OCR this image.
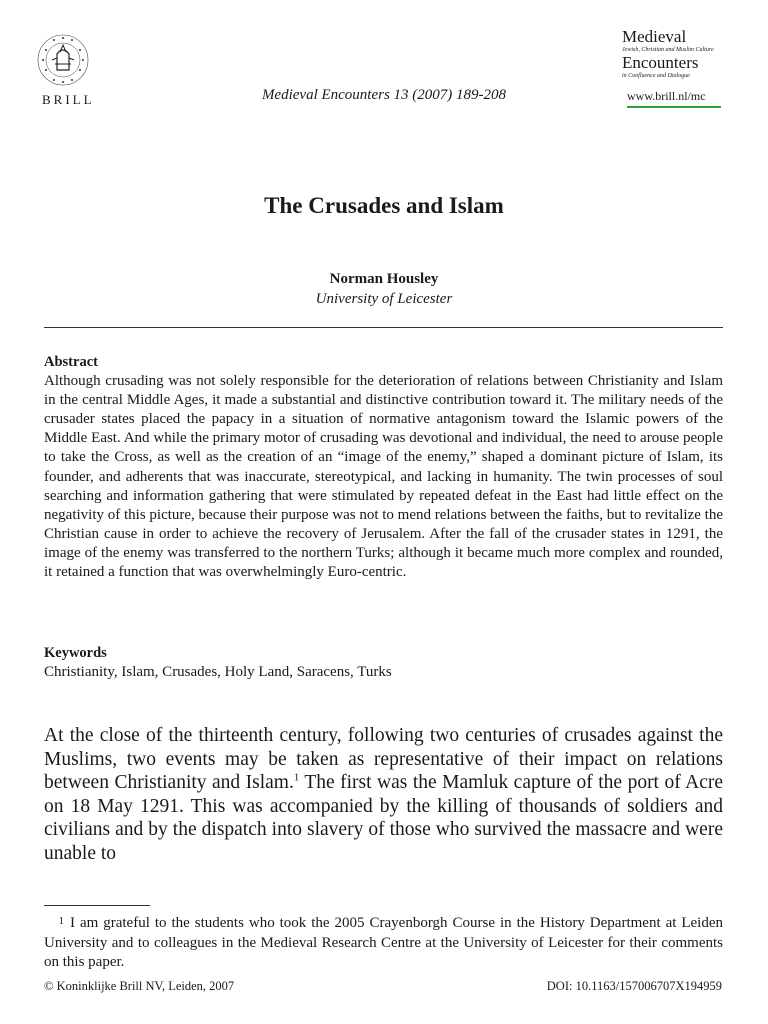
BRILL	Medieval Encounters 13 (2007) 189-208
Medieval
Jewish, Christian and Muslim Culture
Encounters
in Confluence and Dialogue
www.brill.nl/mc
The Crusades and Islam
Norman Housley
University of Leicester
Abstract
Although crusading was not solely responsible for the deterioration of relations between Christianity and Islam in the central Middle Ages, it made a substantial and distinctive contribution toward it. The military needs of the crusader states placed the papacy in a situation of normative antagonism toward the Islamic powers of the Middle East. And while the primary motor of crusading was devotional and individual, the need to arouse people to take the Cross, as well as the creation of an “image of the enemy,” shaped a dominant picture of Islam, its founder, and adherents that was inaccurate, stereotypical, and lacking in humanity. The twin processes of soul searching and information gathering that were stimulated by repeated defeat in the East had little effect on the negativity of this picture, because their purpose was not to mend relations between the faiths, but to revitalize the Christian cause in order to achieve the recovery of Jerusalem. After the fall of the crusader states in 1291, the image of the enemy was transferred to the northern Turks; although it became much more complex and rounded, it retained a function that was overwhelmingly Euro-centric.
Keywords
Christianity, Islam, Crusades, Holy Land, Saracens, Turks
At the close of the thirteenth century, following two centuries of crusades against the Muslims, two events may be taken as representative of their impact on relations between Christianity and Islam.$^1$ The first was the Mamluk capture of the port of Acre on 18 May 1291. This was accompanied by the killing of thousands of soldiers and civilians and by the dispatch into slavery of those who survived the massacre and were unable to
1 I am grateful to the students who took the 2005 Crayenborgh Course in the History Department at Leiden University and to colleagues in the Medieval Research Centre at the University of Leicester for their comments on this paper.
© Koninklijke Brill NV, Leiden, 2007	DOI: 10.1163/157006707X194959
